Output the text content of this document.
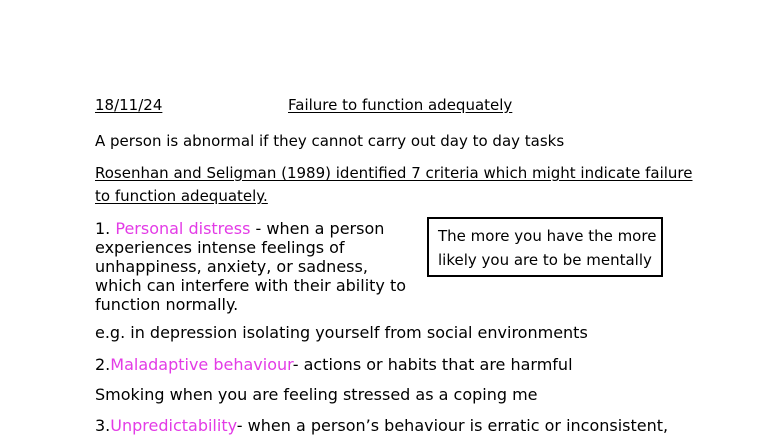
18/11/24	Failure to function adequately
A person is abnormal if they cannot carry out day to day tasks
Rosenhan and Seligman (1989) identified 7 criteria which might indicate failure
to function adequately.
1. Personal distress - when a person
experiences intense feelings of
unhappiness, anxiety, or sadness,
which can interfere with their ability to
function normally.
The more you have the more
likely you are to be mentally
e.g. in depression isolating yourself from social environments
2.Maladaptive behaviour- actions or habits that are harmful
Smoking when you are feeling stressed as a coping me
3.Unpredictability- when a person’s behaviour is erratic or inconsistent,
